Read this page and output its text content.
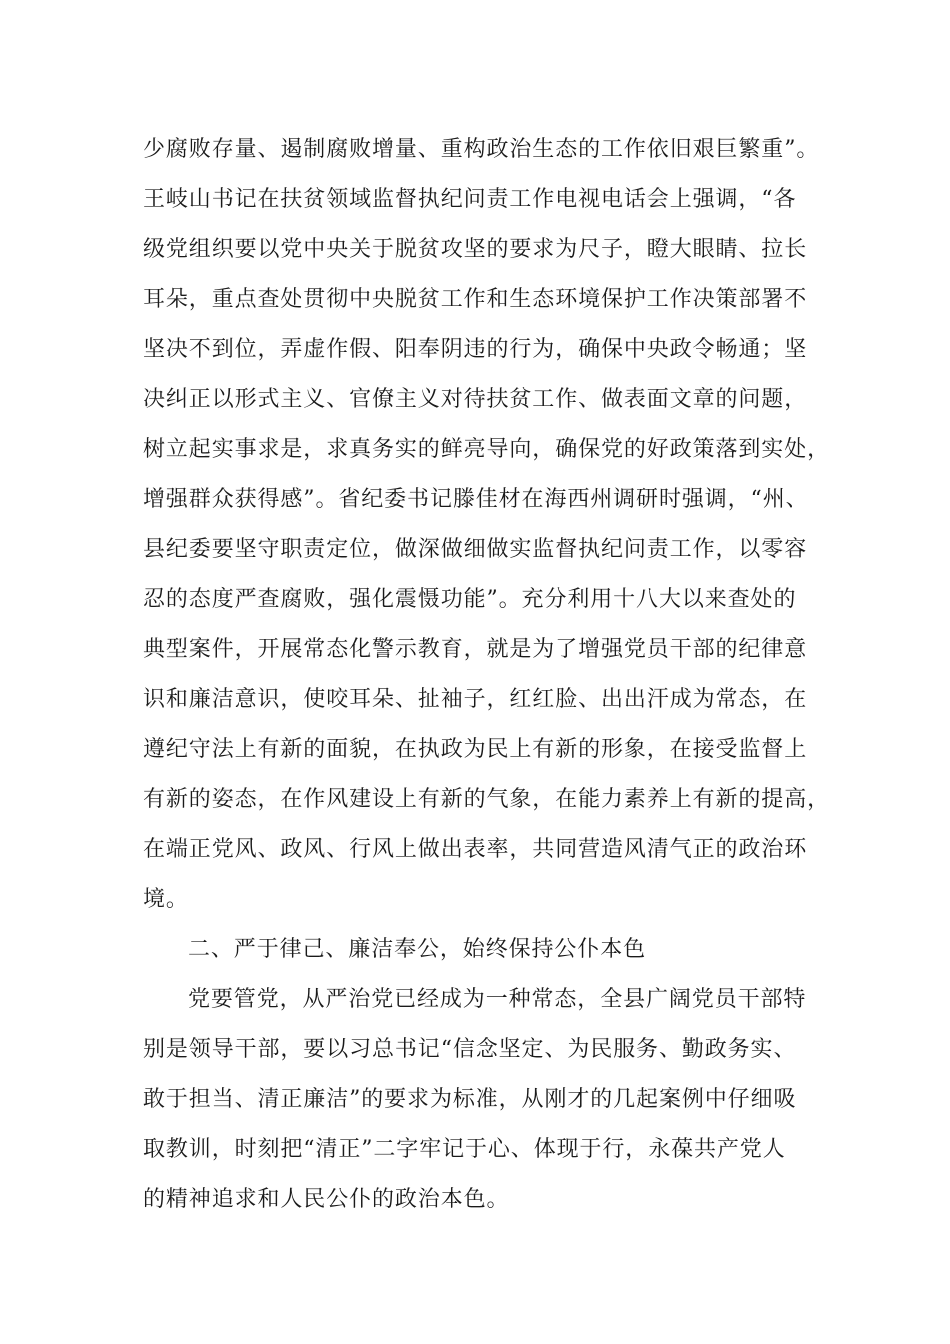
少腐败存量、遏制腐败增量、重构政治生态的工作依旧艰巨繁重”。
王岐山书记在扶贫领域监督执纪问责工作电视电话会上强调，“各
级党组织要以党中央关于脱贫攻坚的要求为尺子，瞪大眼睛、拉长
耳朵，重点查处贯彻中央脱贫工作和生态环境保护工作决策部署不
坚决不到位，弄虚作假、阳奉阴违的行为，确保中央政令畅通；坚
决纠正以形式主义、官僚主义对待扶贫工作、做表面文章的问题，
树立起实事求是，求真务实的鲜亮导向，确保党的好政策落到实处，
增强群众获得感”。省纪委书记滕佳材在海西州调研时强调，“州、
县纪委要坚守职责定位，做深做细做实监督执纪问责工作，以零容
忍的态度严查腐败，强化震慑功能”。充分利用十八大以来查处的
典型案件，开展常态化警示教育，就是为了增强党员干部的纪律意
识和廉洁意识，使咬耳朵、扯袖子，红红脸、出出汗成为常态，在
遵纪守法上有新的面貌，在执政为民上有新的形象，在接受监督上
有新的姿态，在作风建设上有新的气象，在能力素养上有新的提高，
在端正党风、政风、行风上做出表率，共同营造风清气正的政治环
境。
二、严于律己、廉洁奉公，始终保持公仆本色
党要管党，从严治党已经成为一种常态，全县广阔党员干部特
别是领导干部，要以习总书记“信念坚定、为民服务、勤政务实、
敢于担当、清正廉洁”的要求为标准，从刚才的几起案例中仔细吸
取教训，时刻把“清正”二字牢记于心、体现于行，永葆共产党人
的精神追求和人民公仆的政治本色。
